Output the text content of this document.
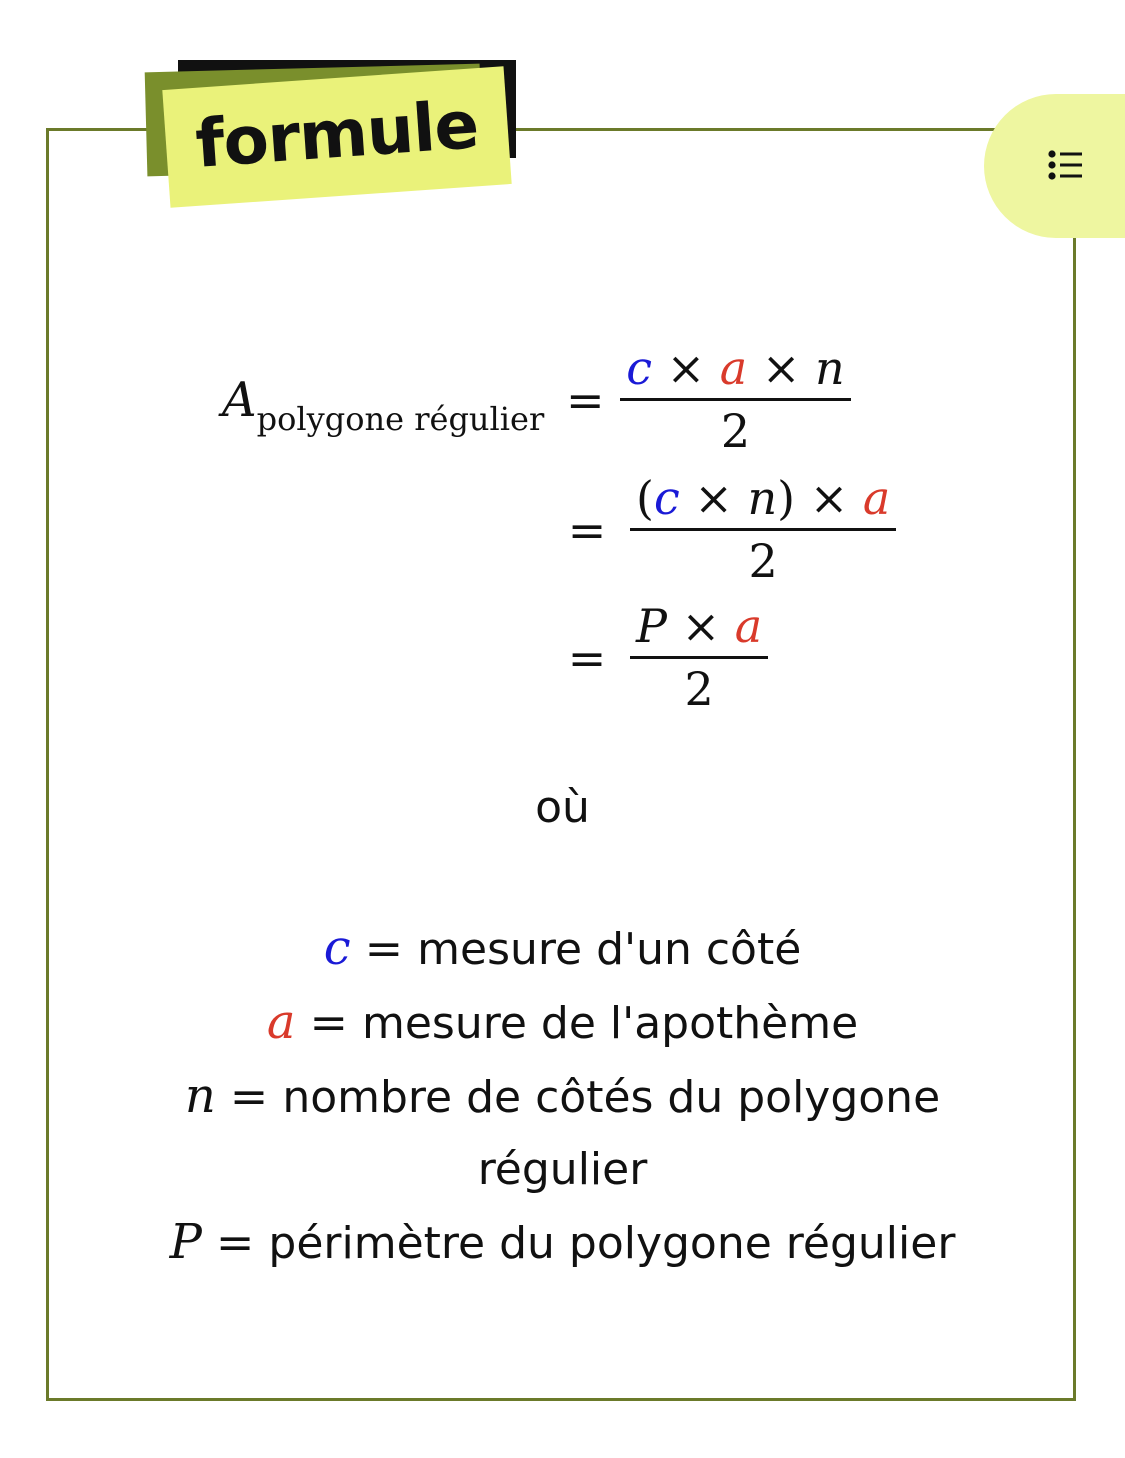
formule
$A_{polygone régulier} = \frac{c \times a \times n}{2}$
= $\frac{(c \times n) \times a}{2}$
= $\frac{P \times a}{2}$
où
c = mesure d'un côté
a = mesure de l'apothème
n = nombre de côtés du polygone
régulier
P = périmètre du polygone régulier
